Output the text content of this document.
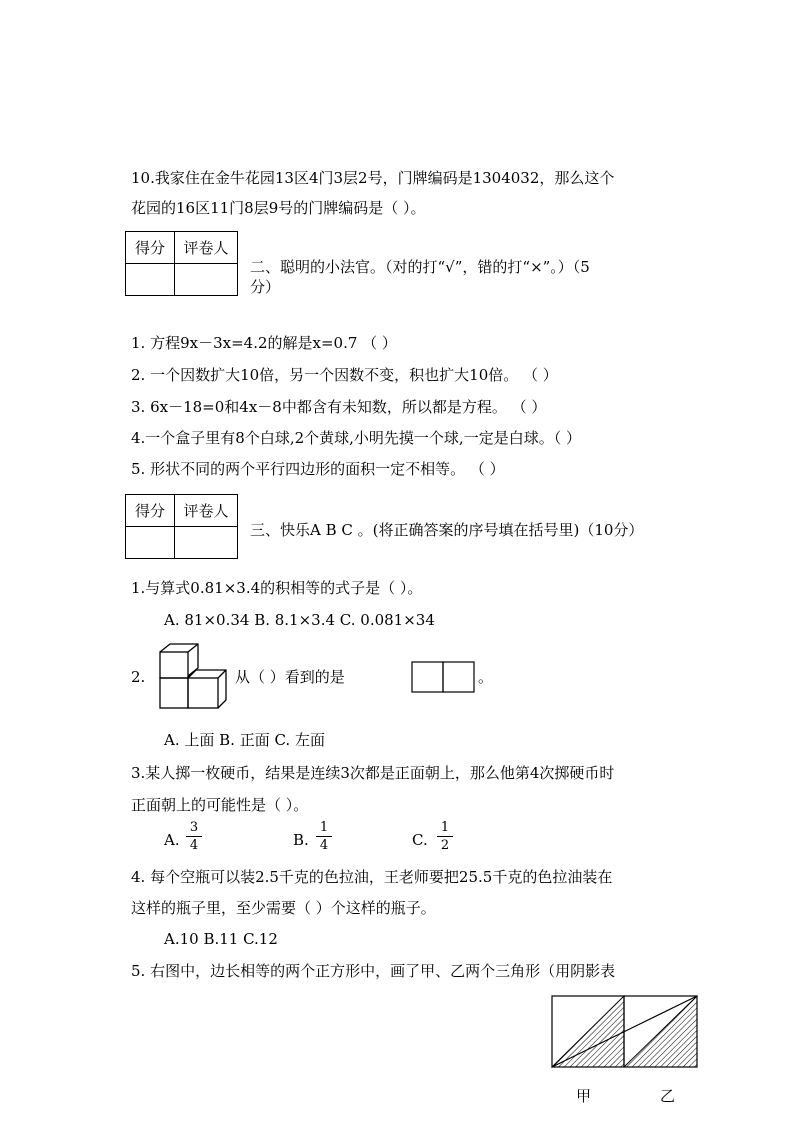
10.我家住在金牛花园13区4门3层2号，门牌编码是1304032，那么这个
花园的16区11门8层9号的门牌编码是（ ）。
得分	评卷人

二、聪明的小法官。（对的打“√”，错的打“×”。）（5
分）
1. 方程9x－3x=4.2的解是x=0.7 （ ）
2. 一个因数扩大10倍，另一个因数不变，积也扩大10倍。 （ ）
3. 6x－18=0和4x－8中都含有未知数，所以都是方程。 （ ）
4.一个盒子里有8个白球,2个黄球,小明先摸一个球,一定是白球。（ ）
5. 形状不同的两个平行四边形的面积一定不相等。 （ ）
得分	评卷人

三、快乐A B C 。(将正确答案的序号填在括号里)（10分）
1.与算式0.81×3.4的积相等的式子是（ ）。
A. 81×0.34 B. 8.1×3.4 C. 0.081×34
2.	从（ ）看到的是	。
A. 上面 B. 正面 C. 左面
3.某人掷一枚硬币，结果是连续3次都是正面朝上，那么他第4次掷硬币时
正面朝上的可能性是（ ）。
A.
3
4	B.
1
4	C.
1
2
4. 每个空瓶可以装2.5千克的色拉油，王老师要把25.5千克的色拉油装在
这样的瓶子里，至少需要（ ）个这样的瓶子。
A.10 B.11 C.12
5. 右图中，边长相等的两个正方形中，画了甲、乙两个三角形（用阴影表
甲	乙
